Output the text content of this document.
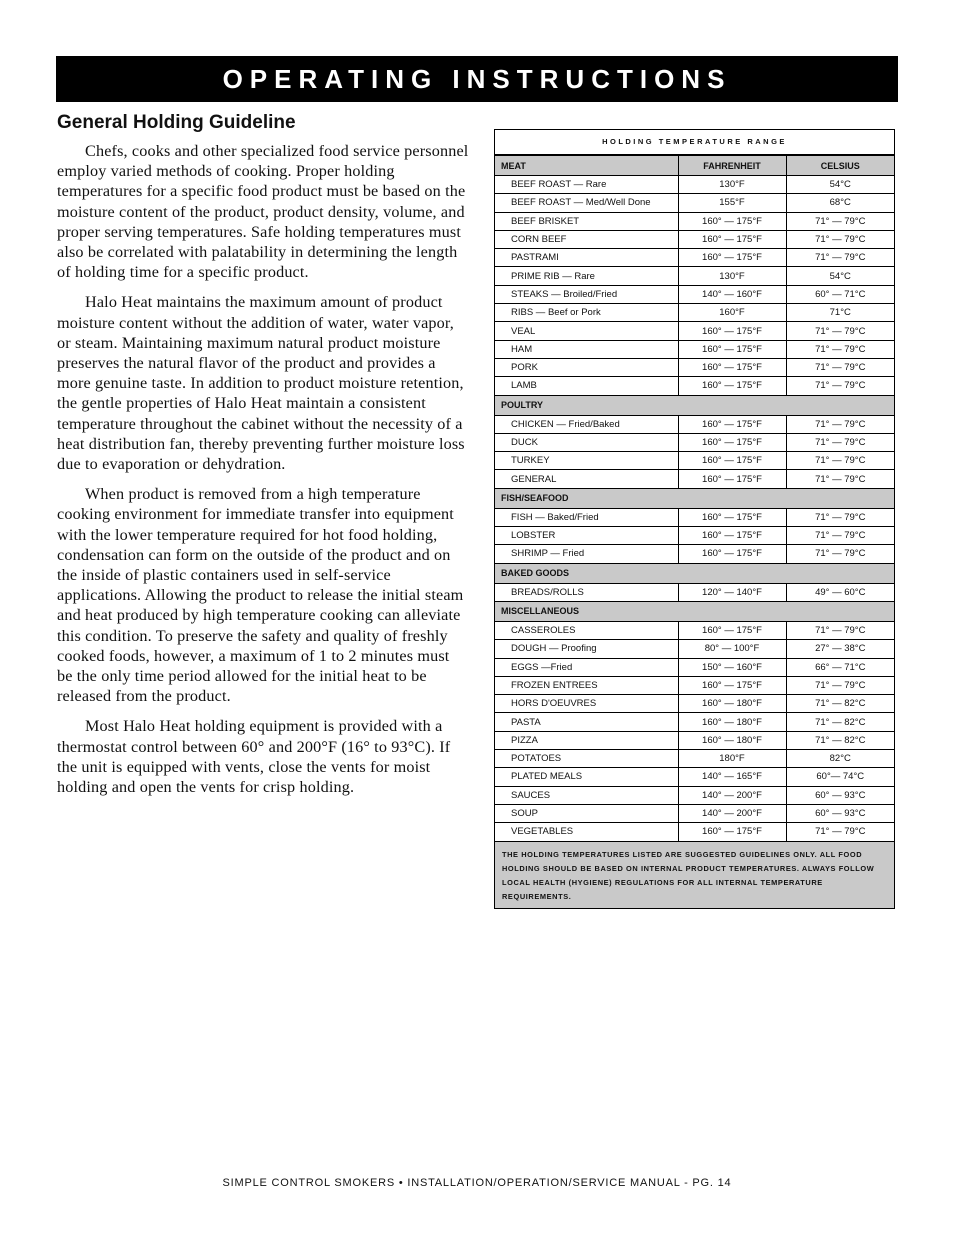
OPERATING INSTRUCTIONS
General Holding Guideline

Chefs, cooks and other specialized food service personnel employ varied methods of cooking. Proper holding temperatures for a specific food product must be based on the moisture content of the product, product density, volume, and proper serving temperatures. Safe holding temperatures must also be correlated with palatability in determining the length of holding time for a specific product.

Halo Heat maintains the maximum amount of product moisture content without the addition of water, water vapor, or steam. Maintaining maximum natural product moisture preserves the natural flavor of the product and provides a more genuine taste. In addition to product moisture retention, the gentle properties of Halo Heat maintain a consistent temperature throughout the cabinet without the necessity of a heat distribution fan, thereby preventing further moisture loss due to evaporation or dehydration.

When product is removed from a high temperature cooking environment for immediate transfer into equipment with the lower temperature required for hot food holding, condensation can form on the outside of the product and on the inside of plastic containers used in self-service applications. Allowing the product to release the initial steam and heat produced by high temperature cooking can alleviate this condition. To preserve the safety and quality of freshly cooked foods, however, a maximum of 1 to 2 minutes must be the only time period allowed for the initial heat to be released from the product.

Most Halo Heat holding equipment is provided with a thermostat control between 60° and 200°F (16° to 93°C). If the unit is equipped with vents, close the vents for moist holding and open the vents for crisp holding.

HOLDING TEMPERATURE RANGE
MEAT	FAHRENHEIT	CELSIUS
BEEF ROAST — Rare	130°F	54°C
BEEF ROAST — Med/Well Done	155°F	68°C
BEEF BRISKET	160° — 175°F	71° — 79°C
CORN BEEF	160° — 175°F	71° — 79°C
PASTRAMI	160° — 175°F	71° — 79°C
PRIME RIB — Rare	130°F	54°C
STEAKS — Broiled/Fried	140° — 160°F	60° — 71°C
RIBS — Beef or Pork	160°F	71°C
VEAL	160° — 175°F	71° — 79°C
HAM	160° — 175°F	71° — 79°C
PORK	160° — 175°F	71° — 79°C
LAMB	160° — 175°F	71° — 79°C
POULTRY		
CHICKEN — Fried/Baked	160° — 175°F	71° — 79°C
DUCK	160° — 175°F	71° — 79°C
TURKEY	160° — 175°F	71° — 79°C
GENERAL	160° — 175°F	71° — 79°C
FISH/SEAFOOD		
FISH — Baked/Fried	160° — 175°F	71° — 79°C
LOBSTER	160° — 175°F	71° — 79°C
SHRIMP — Fried	160° — 175°F	71° — 79°C
BAKED GOODS		
BREADS/ROLLS	120° — 140°F	49° — 60°C
MISCELLANEOUS		
CASSEROLES	160° — 175°F	71° — 79°C
DOUGH — Proofing	80° — 100°F	27° — 38°C
EGGS —Fried	150° — 160°F	66° — 71°C
FROZEN ENTREES	160° — 175°F	71° — 79°C
HORS D'OEUVRES	160° — 180°F	71° — 82°C
PASTA	160° — 180°F	71° — 82°C
PIZZA	160° — 180°F	71° — 82°C
POTATOES	180°F	82°C
PLATED MEALS	140° — 165°F	60°— 74°C
SAUCES	140° — 200°F	60° — 93°C
SOUP	140° — 200°F	60° — 93°C
VEGETABLES	160° — 175°F	71° — 79°C
THE HOLDING TEMPERATURES LISTED ARE SUGGESTED GUIDELINES ONLY. ALL FOOD HOLDING SHOULD BE BASED ON INTERNAL PRODUCT TEMPERATURES. ALWAYS FOLLOW LOCAL HEALTH (HYGIENE) REGULATIONS FOR ALL INTERNAL TEMPERATURE REQUIREMENTS.
SIMPLE CONTROL SMOKERS • INSTALLATION/OPERATION/SERVICE MANUAL - PG. 14
